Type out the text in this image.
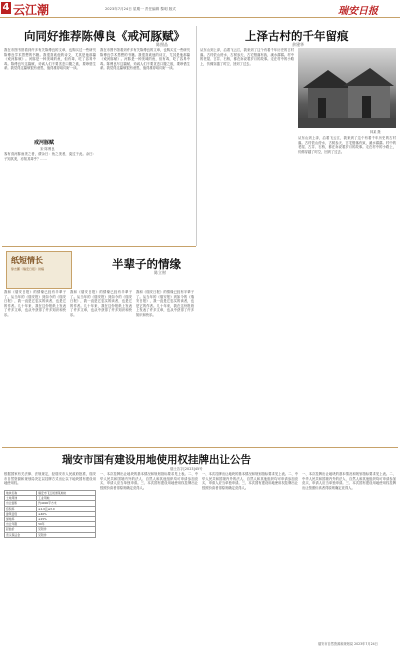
4 云江潮	2023年7月24日 星期一 责任编辑 黎明 版式	瑞安日报
向同好推荐陈傅良《戒河豚赋》
陈照品
我在市图书馆看到许多有关陈傅良的文章，也购买过一些研究陈傅良学术思想的书籍。我很喜欢他的诗文，尤其是他那篇《戒河豚赋》。河豚是一种美味的鱼，但有毒，吃了容易中毒。陈傅良写这篇赋，劝诫人们不要贪恋口腹之欲，要珍惜生命。我觉得这篇赋很有意思，值得推荐给同好一读。
我在市图书馆看到许多有关陈傅良的文章，也购买过一些研究陈傅良学术思想的书籍。我很喜欢他的诗文，尤其是他那篇《戒河豚赋》。河豚是一种美味的鱼，但有毒，吃了容易中毒。陈傅良写这篇赋，劝诫人们不要贪恋口腹之欲，要珍惜生命。我觉得这篇赋很有意思，值得推荐给同好一读。
戒河豚赋
宋·陈傅良
客有食河豚而美之者，谓余曰：鱼之美者，莫过于此。余曰：子知其美，亦知其毒乎？……
上泽古村的千年留痕
余建华
从东山到上泽，沿着飞云江，我来到了这个有着千年历史的古村落。古村依山傍水，古树参天，古宅错落有致，溪水潺潺。村中的老屋、古井、石桥，都在诉说着岁月的故事。走在村中的小路上，仿佛穿越了时空，回到了过去。
林某 摄
从东山到上泽，沿着飞云江，我来到了这个有着千年历史的古村落。古村依山傍水，古树参天，古宅错落有致，溪水潺潺。村中的老屋、古井、石桥，都在诉说着岁月的故事。走在村中的小路上，仿佛穿越了时空，回到了过去。
纸短情长
徐志鹏《瑞安日报》供稿	半辈子的情缘
陈立财
我和《瑞安日报》的情缘已经有半辈子了。从当年的《瑞安报》到如今的《瑞安日报》，我一直是它忠实的读者，也是它的作者。几十年来，我在这份报纸上发表了许多文章，也从中获得了许多知识和快乐。
我和《瑞安日报》的情缘已经有半辈子了。从当年的《瑞安报》到如今的《瑞安日报》，我一直是它忠实的读者，也是它的作者。几十年来，我在这份报纸上发表了许多文章，也从中获得了许多知识和快乐。
我和《瑞安日报》的情缘已经有半辈子了。从当年的《瑞安报》到如今的《瑞安日报》，我一直是它忠实的读者，也是它的作者。几十年来，我在这份报纸上发表了许多文章，也从中获得了许多知识和快乐。
瑞安市国有建设用地使用权挂牌出让公告
瑞土告字[2023]45号
根据国家有关法律、法规规定，经瑞安市人民政府批准，瑞安市自然资源和规划局决定以挂牌方式出让以下地块国有建设用地使用权。
地块名称	瑞安市飞云街道某地块
土地用途	工业用地
出让面积	约4000平方米
容积率	≥1.0且≤3.0
建筑密度	≥40%
绿地率	≤15%
出让年限	50年
起始价	见附件
竞买保证金	见附件
一、本次挂牌出让地块的基本情况和规划指标要求见上表。二、中华人民共和国境内外的法人、自然人和其他组织均可申请参加竞买，申请人应当单独申请。三、本次国有建设用地使用权挂牌出让按照价高者得原则确定竞得人。
一、本次挂牌出让地块的基本情况和规划指标要求见上表。二、中华人民共和国境内外的法人、自然人和其他组织均可申请参加竞买，申请人应当单独申请。三、本次国有建设用地使用权挂牌出让按照价高者得原则确定竞得人。
一、本次挂牌出让地块的基本情况和规划指标要求见上表。二、中华人民共和国境内外的法人、自然人和其他组织均可申请参加竞买，申请人应当单独申请。三、本次国有建设用地使用权挂牌出让按照价高者得原则确定竞得人。
瑞安市自然资源和规划局 2023年7月24日
